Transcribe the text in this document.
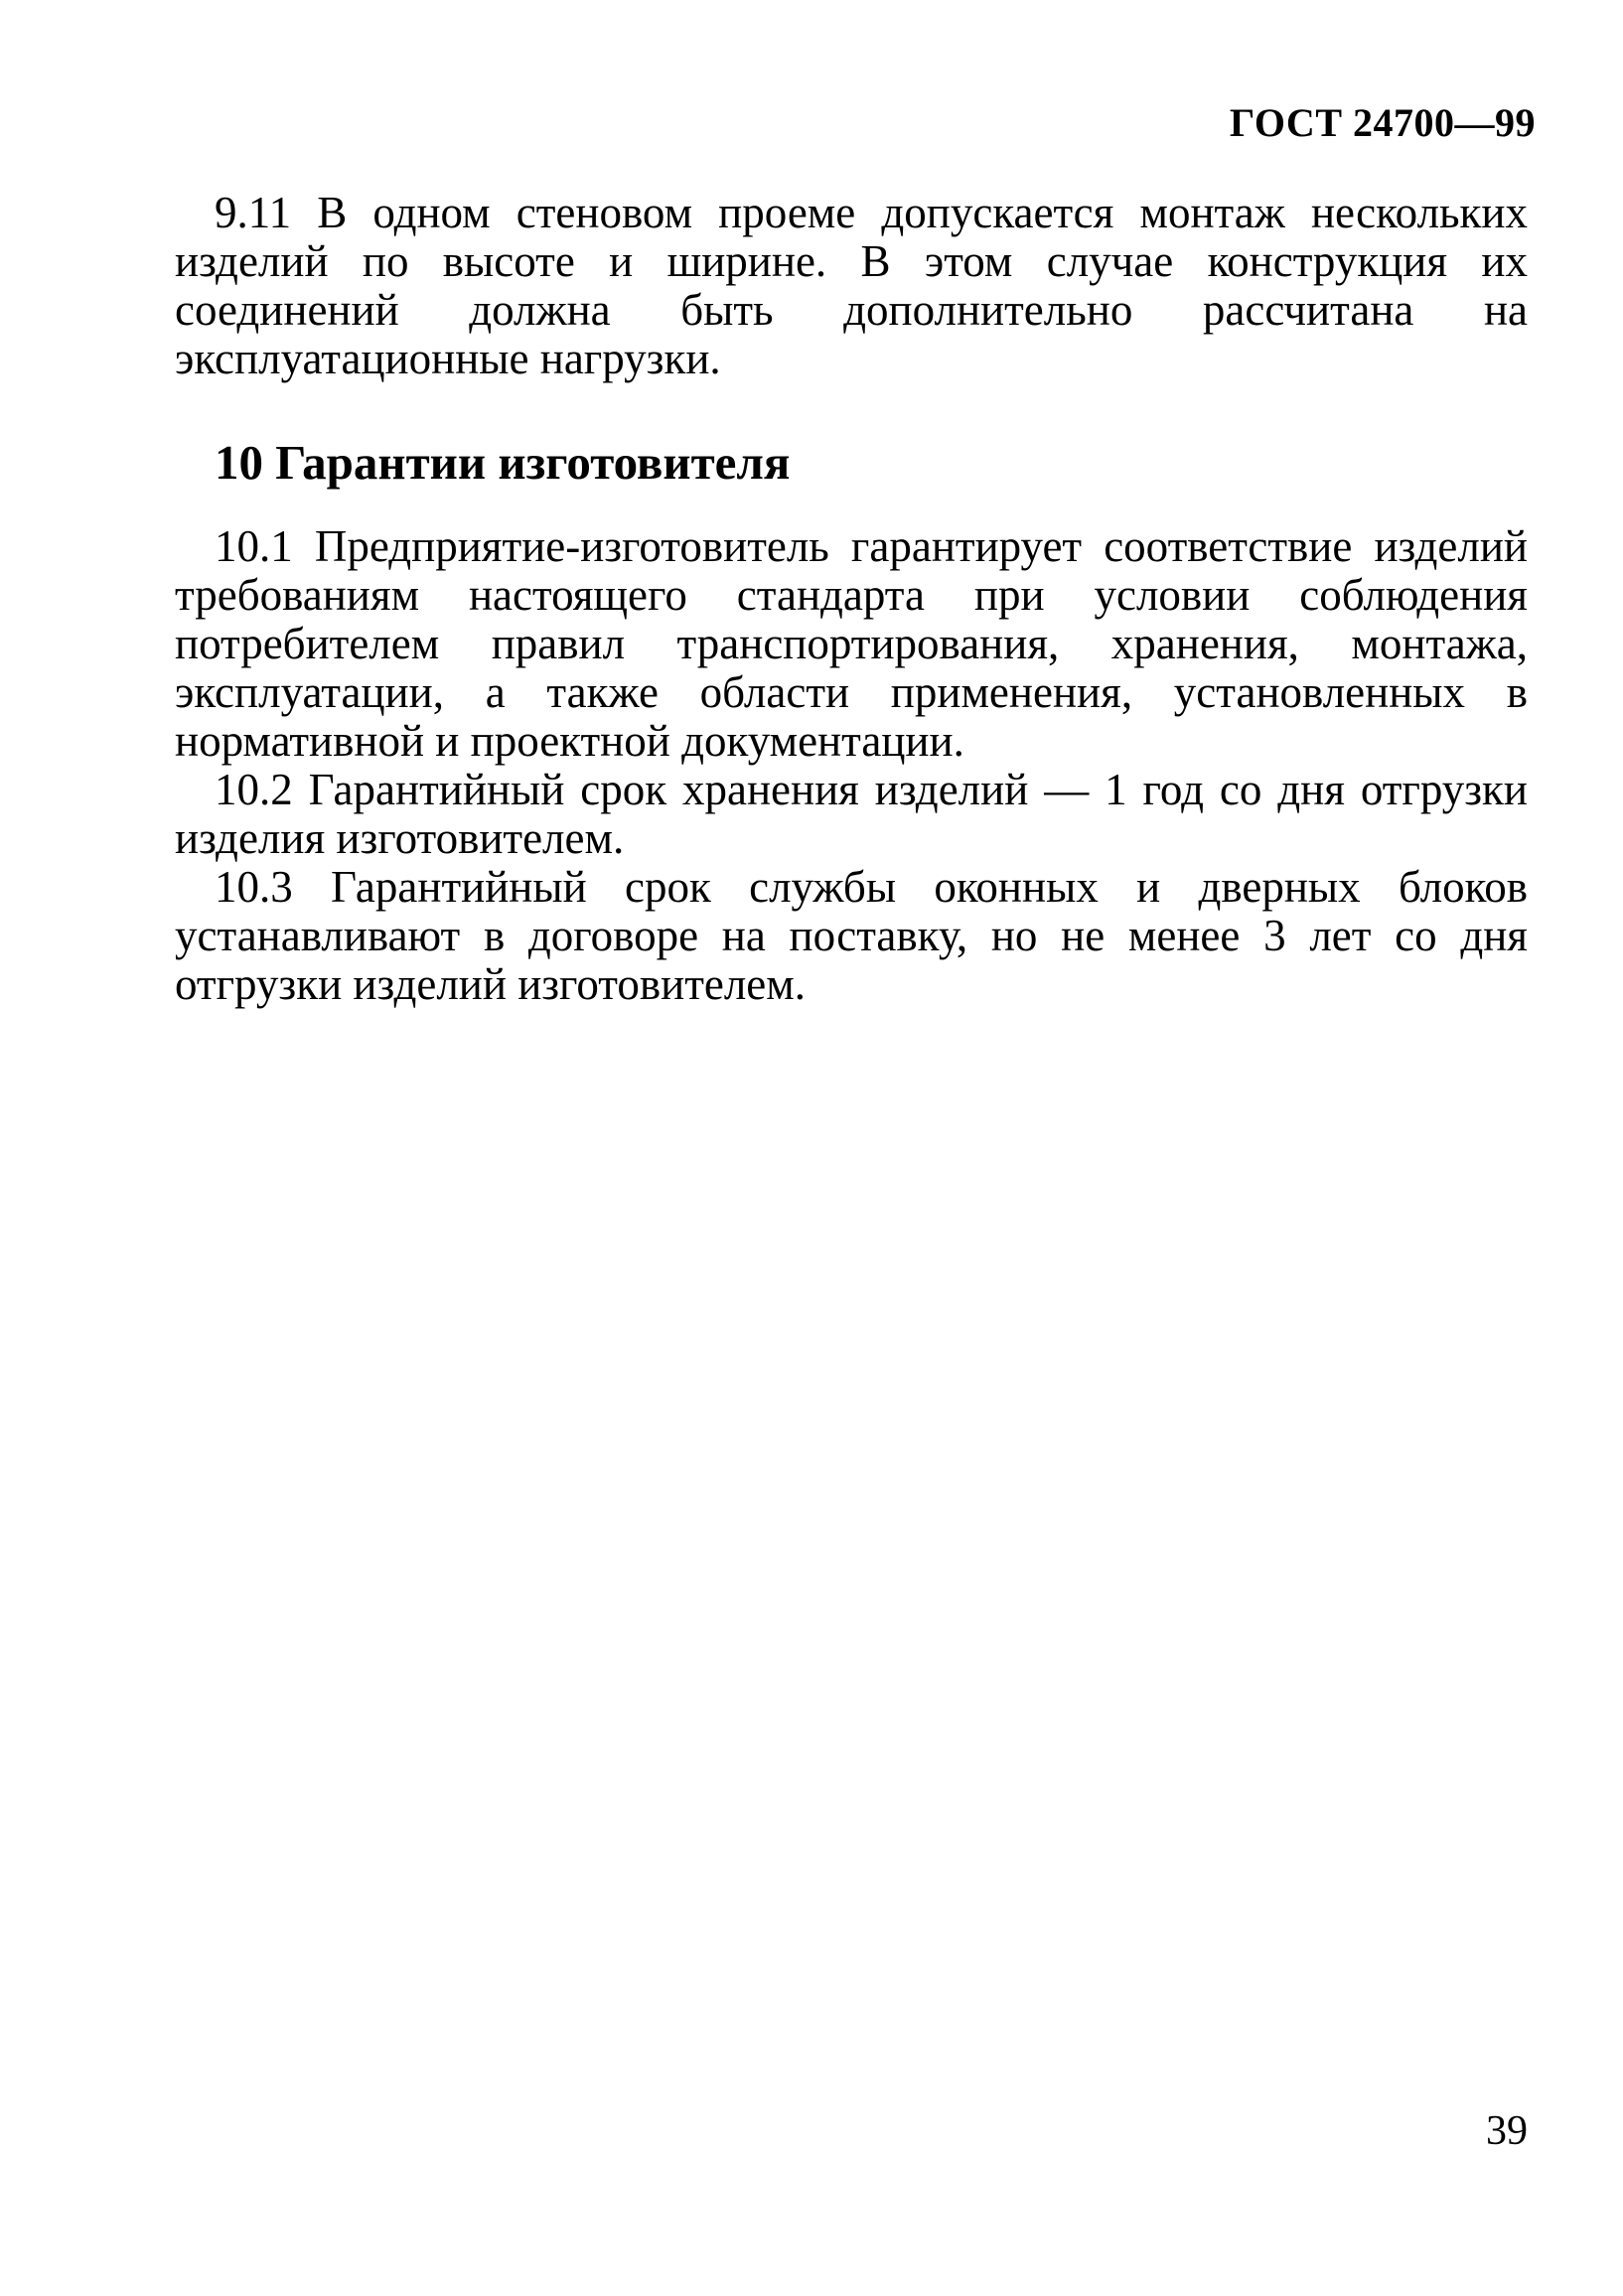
ГОСТ 24700—99

9.11 В одном стеновом проеме допускается монтаж нескольких изделий по высоте и ширине. В этом случае конструкция их соединений должна быть дополнительно рассчитана на эксплуатационные нагрузки.

10 Гарантии изготовителя

10.1 Предприятие-изготовитель гарантирует соответствие изделий требованиям настоящего стандарта при условии соблюдения потребителем правил транспортирования, хранения, монтажа, эксплуатации, а также области применения, установленных в нормативной и проектной документации.

10.2 Гарантийный срок хранения изделий — 1 год со дня отгрузки изделия изготовителем.

10.3 Гарантийный срок службы оконных и дверных блоков устанавливают в договоре на поставку, но не менее 3 лет со дня отгрузки изделий изготовителем.

39
